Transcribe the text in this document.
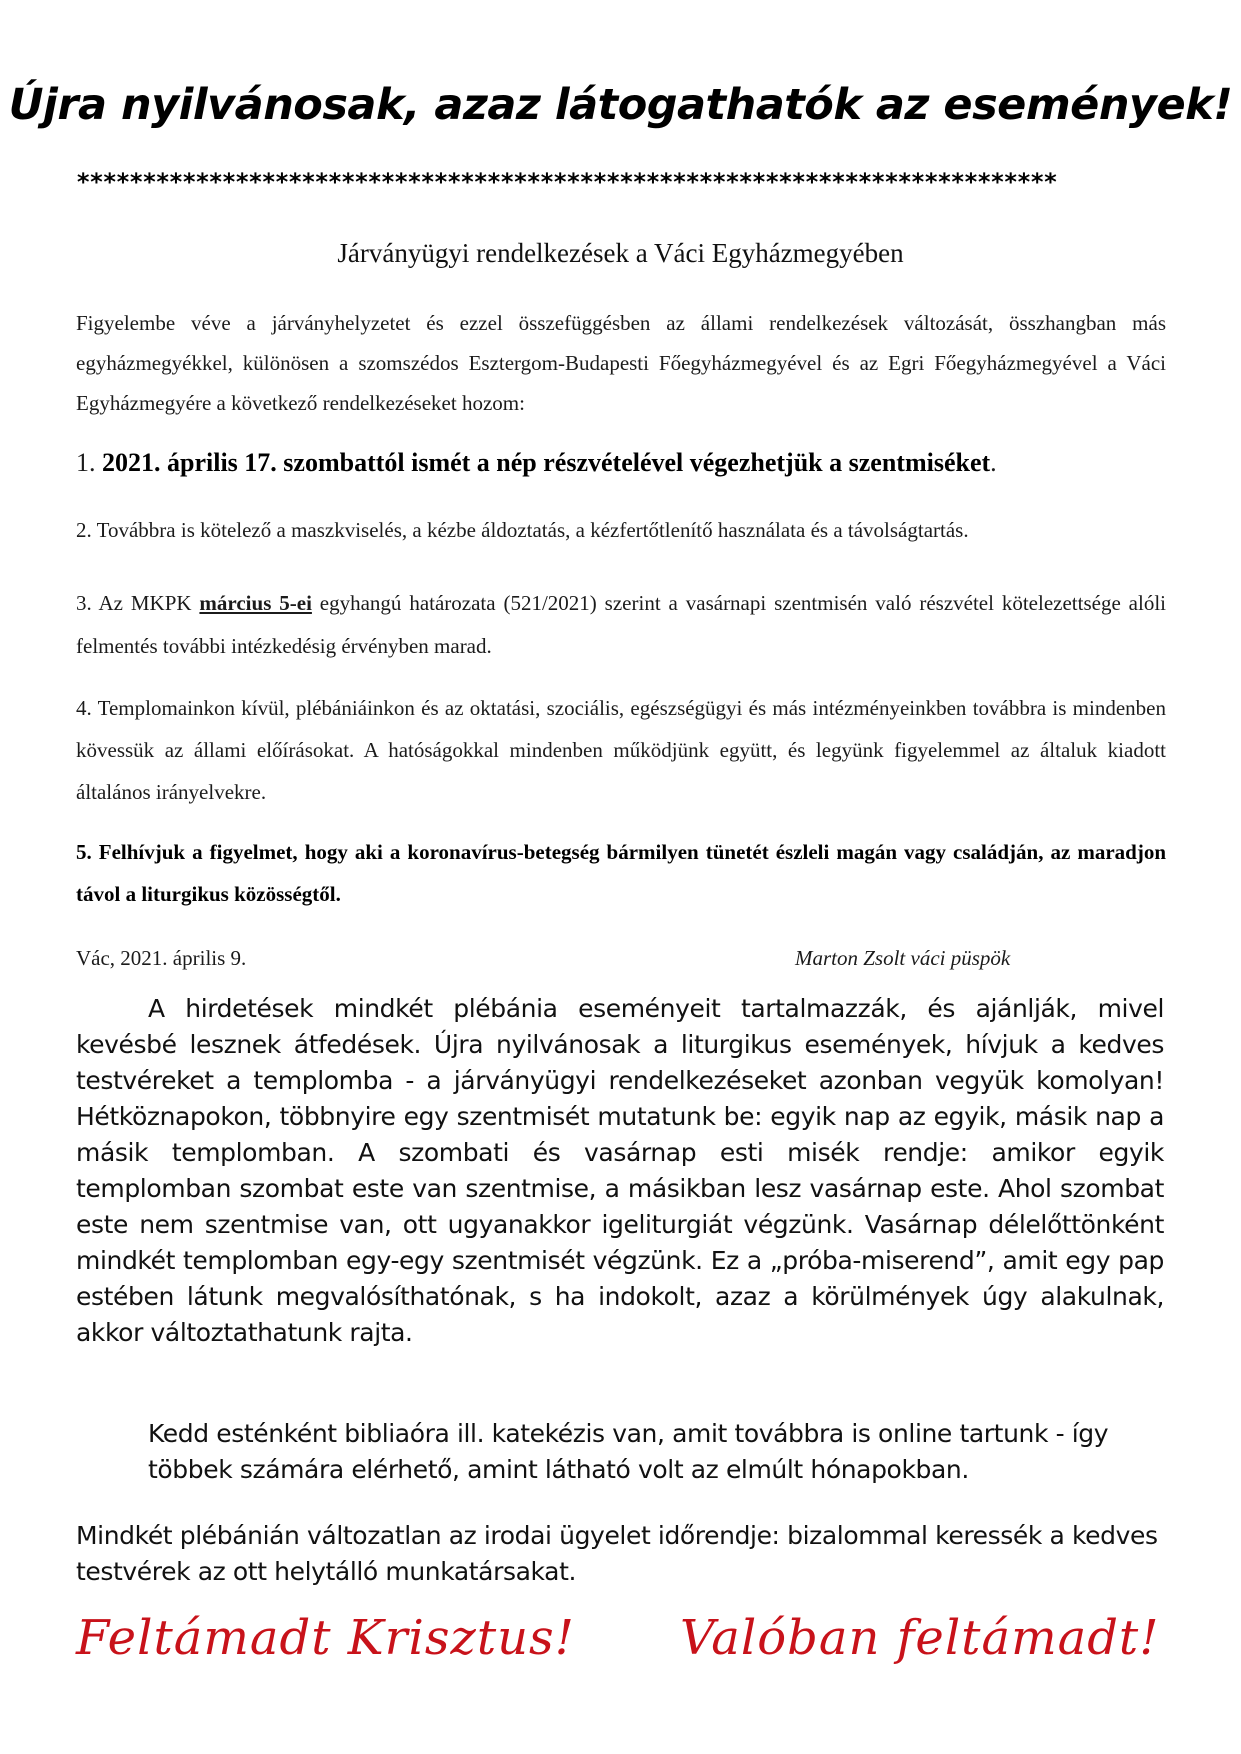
Újra nyilvánosak, azaz látogathatók az események!
**************************************************************************
Járványügyi rendelkezések a Váci Egyházmegyében
Figyelembe véve a járványhelyzetet és ezzel összefüggésben az állami rendelkezések változását, összhangban más egyházmegyékkel, különösen a szomszédos Esztergom-Budapesti Főegyházmegyével és az Egri Főegyházmegyével a Váci Egyházmegyére a következő rendelkezéseket hozom:
1. 2021. április 17. szombattól ismét a nép részvételével végezhetjük a szentmiséket.
2. Továbbra is kötelező a maszkviselés, a kézbe áldoztatás, a kézfertőtlenítő használata és a távolságtartás.
3. Az MKPK március 5-ei egyhangú határozata (521/2021) szerint a vasárnapi szentmisén való részvétel kötelezettsége alóli felmentés további intézkedésig érvényben marad.
4. Templomainkon kívül, plébániáinkon és az oktatási, szociális, egészségügyi és más intézményeinkben továbbra is mindenben kövessük az állami előírásokat. A hatóságokkal mindenben működjünk együtt, és legyünk figyelemmel az általuk kiadott általános irányelvekre.
5. Felhívjuk a figyelmet, hogy aki a koronavírus-betegség bármilyen tünetét észleli magán vagy családján, az maradjon távol a liturgikus közösségtől.
Vác, 2021. április 9.	Marton Zsolt váci püspök
A hirdetések mindkét plébánia eseményeit tartalmazzák, és ajánlják, mivel kevésbé lesznek átfedések. Újra nyilvánosak a liturgikus események, hívjuk a kedves testvéreket a templomba - a járványügyi rendelkezéseket azonban vegyük komolyan! Hétköznapokon, többnyire egy szentmisét mutatunk be: egyik nap az egyik, másik nap a másik templomban. A szombati és vasárnap esti misék rendje: amikor egyik templomban szombat este van szentmise, a másikban lesz vasárnap este. Ahol szombat este nem szentmise van, ott ugyanakkor igeliturgiát végzünk. Vasárnap délelőttönként mindkét templomban egy-egy szentmisét végzünk. Ez a „próba-miserend”, amit egy pap estében látunk megvalósíthatónak, s ha indokolt, azaz a körülmények úgy alakulnak, akkor változtathatunk rajta.
Kedd esténként bibliaóra ill. katekézis van, amit továbbra is online tartunk - így többek számára elérhető, amint látható volt az elmúlt hónapokban.
Mindkét plébánián változatlan az irodai ügyelet időrendje: bizalommal keressék a kedves testvérek az ott helytálló munkatársakat.
Feltámadt Krisztus! Valóban feltámadt!
